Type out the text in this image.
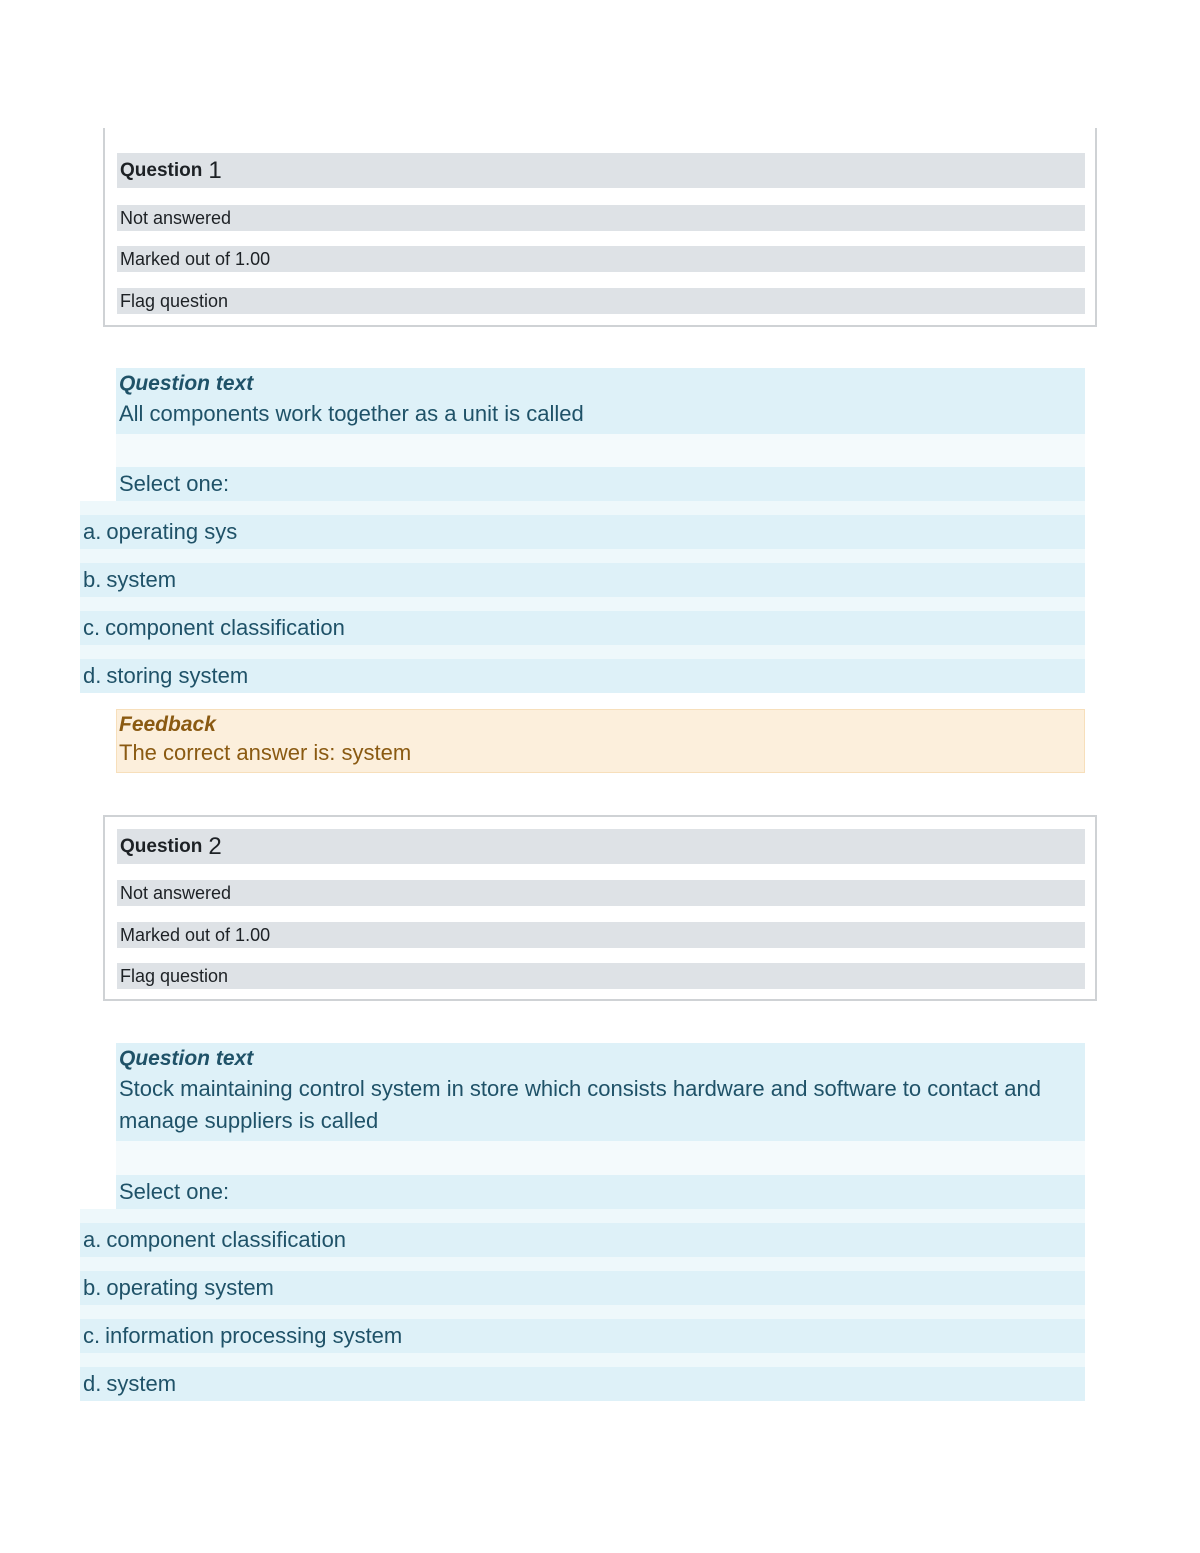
Question 1
Not answered
Marked out of 1.00
Flag question
Question text
All components work together as a unit is called
Select one:
a. operating sys
b. system
c. component classification
d. storing system
Feedback
The correct answer is: system
Question 2
Not answered
Marked out of 1.00
Flag question
Question text
Stock maintaining control system in store which consists hardware and software to contact and manage suppliers is called
Select one:
a. component classification
b. operating system
c. information processing system
d. system
